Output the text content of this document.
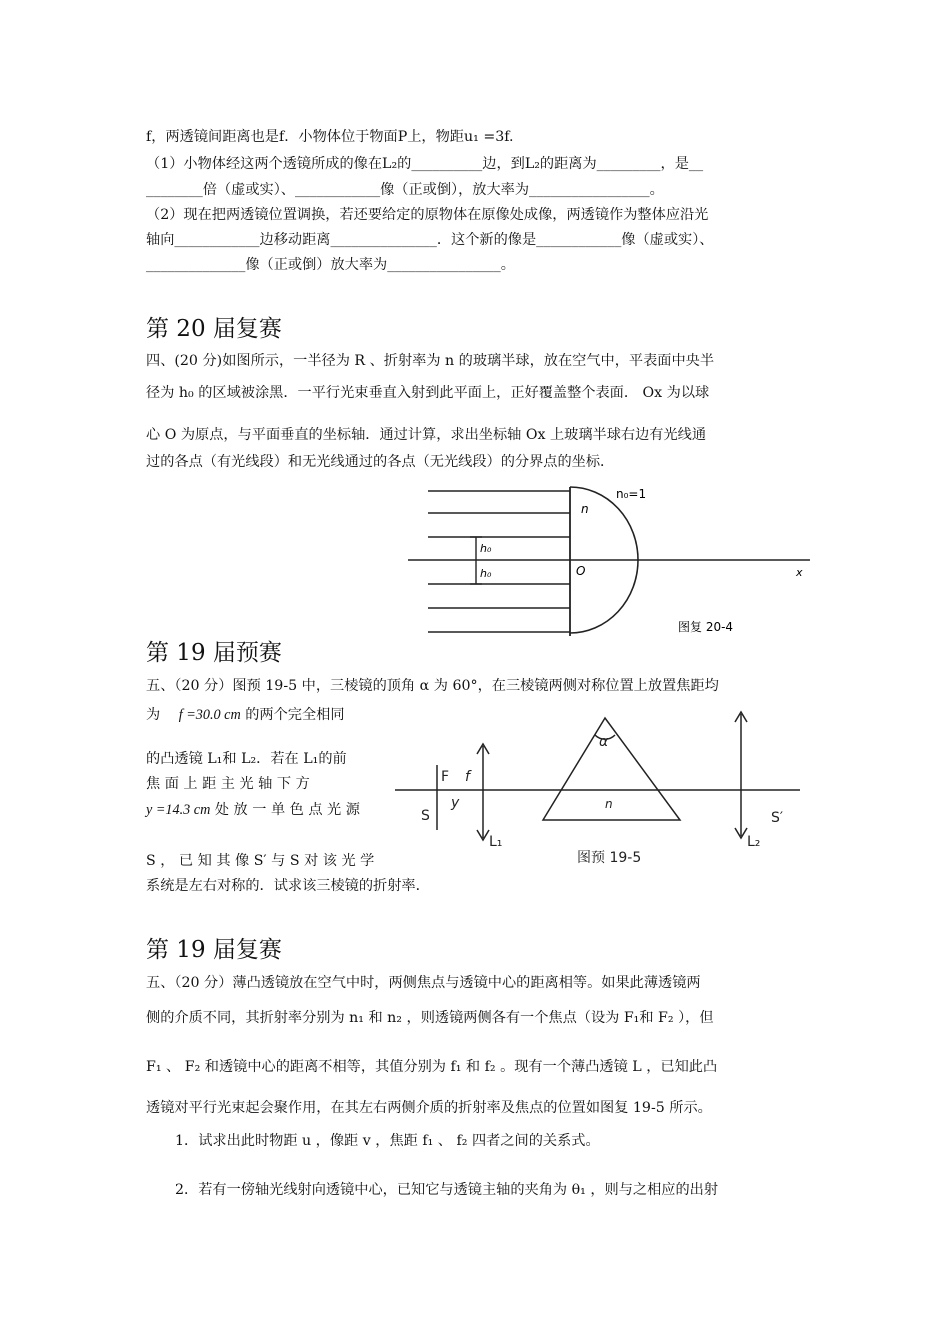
f，两透镜间距离也是f．小物体位于物面P上，物距u₁ =3f.
（1）小物体经这两个透镜所成的像在L₂的__________边，到L₂的距离为_________，是__
________倍（虚或实）、____________像（正或倒），放大率为_________________。
（2）现在把两透镜位置调换，若还要给定的原物体在原像处成像，两透镜作为整体应沿光
轴向____________边移动距离_______________．这个新的像是____________像（虚或实）、
______________像（正或倒）放大率为________________。
第 20 届复赛
四、(20 分)如图所示，一半径为 R 、折射率为 n 的玻璃半球，放在空气中，平表面中央半
径为 h₀ 的区域被涂黑．一平行光束垂直入射到此平面上，正好覆盖整个表面． Ox 为以球
心 O 为原点，与平面垂直的坐标轴．通过计算，求出坐标轴 Ox 上玻璃半球右边有光线通
过的各点（有光线段）和无光线通过的各点（无光线段）的分界点的坐标．
n₀=1
n
h₀
h₀	O	x
图复 20-4
第 19 届预赛
五、（20 分）图预 19-5 中，三棱镜的顶角 α 为 60°，在三棱镜两侧对称位置上放置焦距均
为 f =30.0 cm 的两个完全相同
的凸透镜 L₁和 L₂．若在 L₁的前
焦 面 上 距 主 光 轴 下 方
y =14.3 cm 处 放 一 单 色 点 光 源
S ， 已 知 其 像 S′ 与 S 对 该 光 学
系统是左右对称的．试求该三棱镜的折射率．
F f
S
y
L₁
α
n
L₂
S′
图预 19-5
第 19 届复赛
五、（20 分）薄凸透镜放在空气中时，两侧焦点与透镜中心的距离相等。如果此薄透镜两
侧的介质不同，其折射率分别为 n₁ 和 n₂ ，则透镜两侧各有一个焦点（设为 F₁和 F₂ ），但
F₁ 、 F₂ 和透镜中心的距离不相等，其值分别为 f₁ 和 f₂ 。现有一个薄凸透镜 L ，已知此凸
透镜对平行光束起会聚作用，在其左右两侧介质的折射率及焦点的位置如图复 19-5 所示。
1．试求出此时物距 u ，像距 v ，焦距 f₁ 、 f₂ 四者之间的关系式。
2．若有一傍轴光线射向透镜中心，已知它与透镜主轴的夹角为 θ₁ ，则与之相应的出射
